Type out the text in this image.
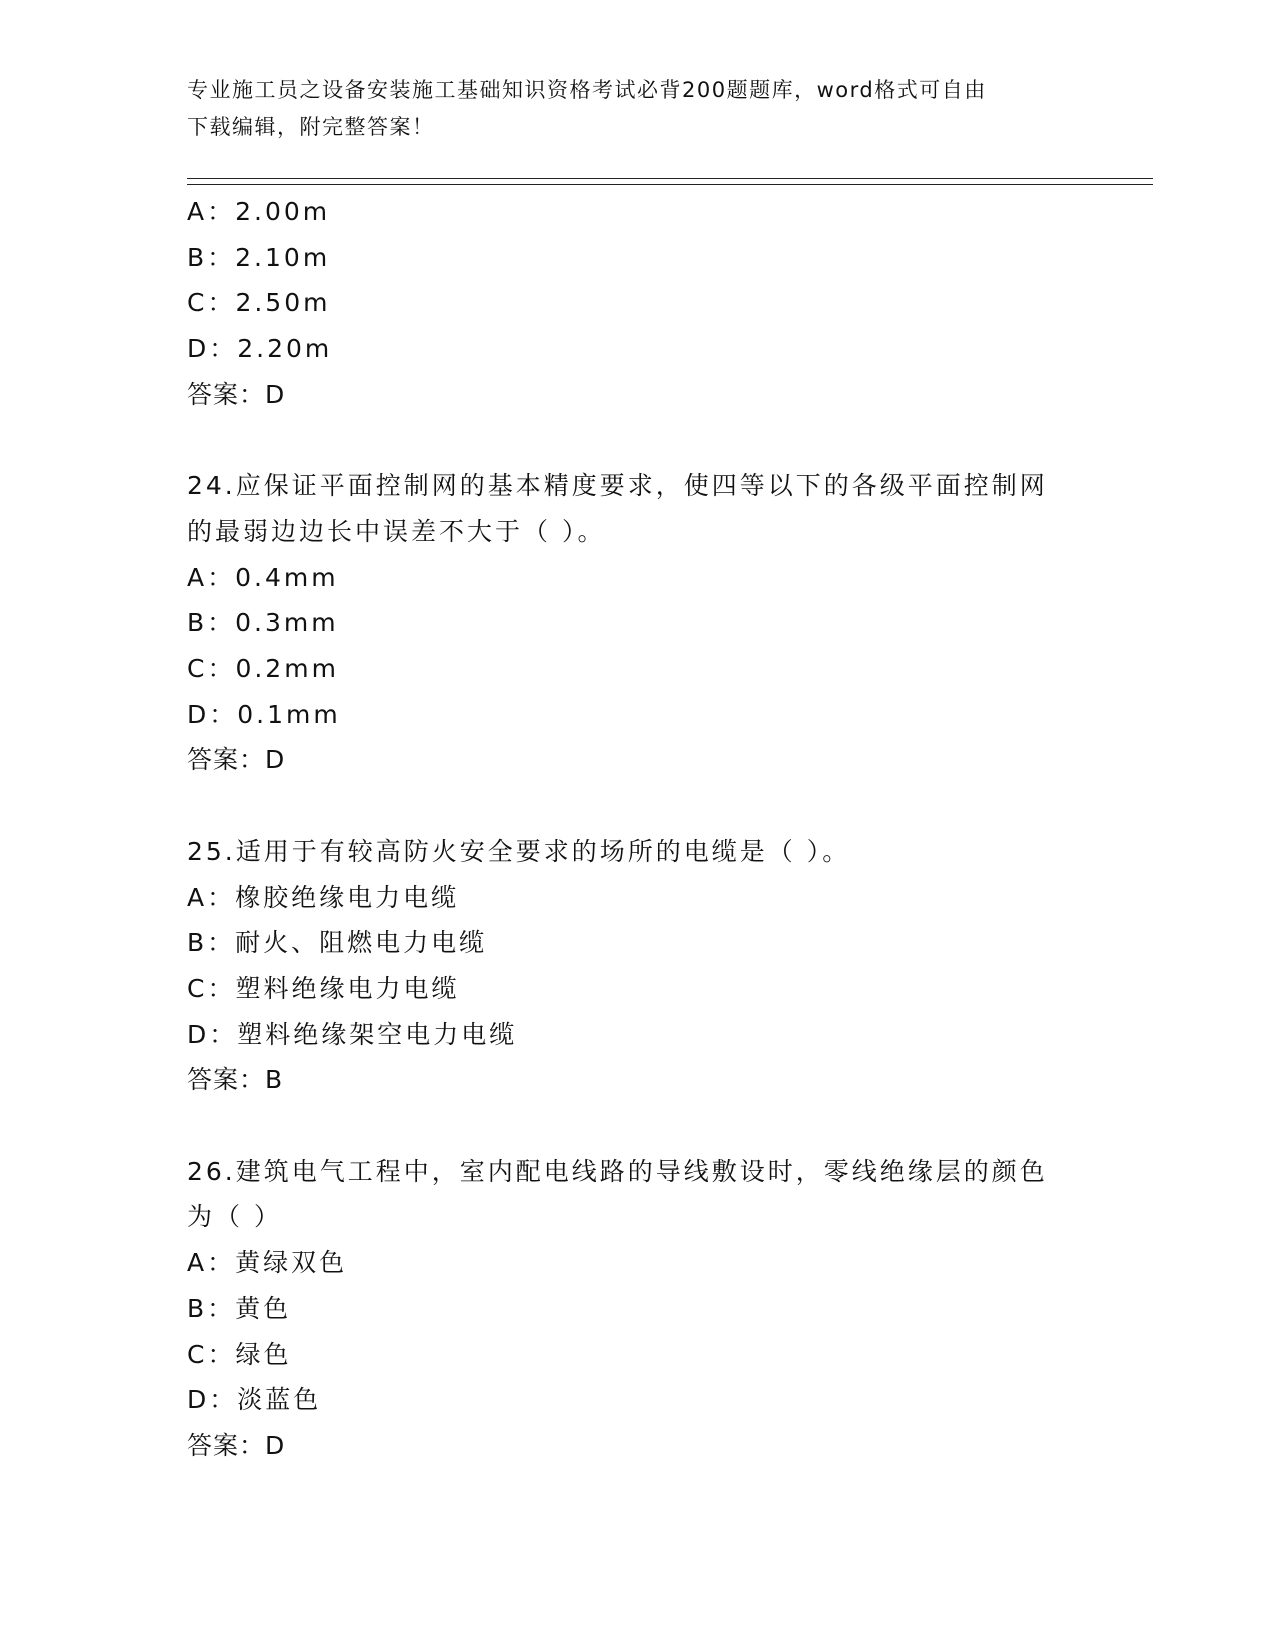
专业施工员之设备安装施工基础知识资格考试必背200题题库，word格式可自由
下载编辑，附完整答案！
A：2.00m
B：2.10m
C：2.50m
D：2.20m
答案：D
24.应保证平面控制网的基本精度要求，使四等以下的各级平面控制网
的最弱边边长中误差不大于（ ）。
A：0.4mm
B：0.3mm
C：0.2mm
D：0.1mm
答案：D
25.适用于有较高防火安全要求的场所的电缆是（ ）。
A：橡胶绝缘电力电缆
B：耐火、阻燃电力电缆
C：塑料绝缘电力电缆
D：塑料绝缘架空电力电缆
答案：B
26.建筑电气工程中，室内配电线路的导线敷设时，零线绝缘层的颜色
为（ ）
A：黄绿双色
B：黄色
C：绿色
D：淡蓝色
答案：D
